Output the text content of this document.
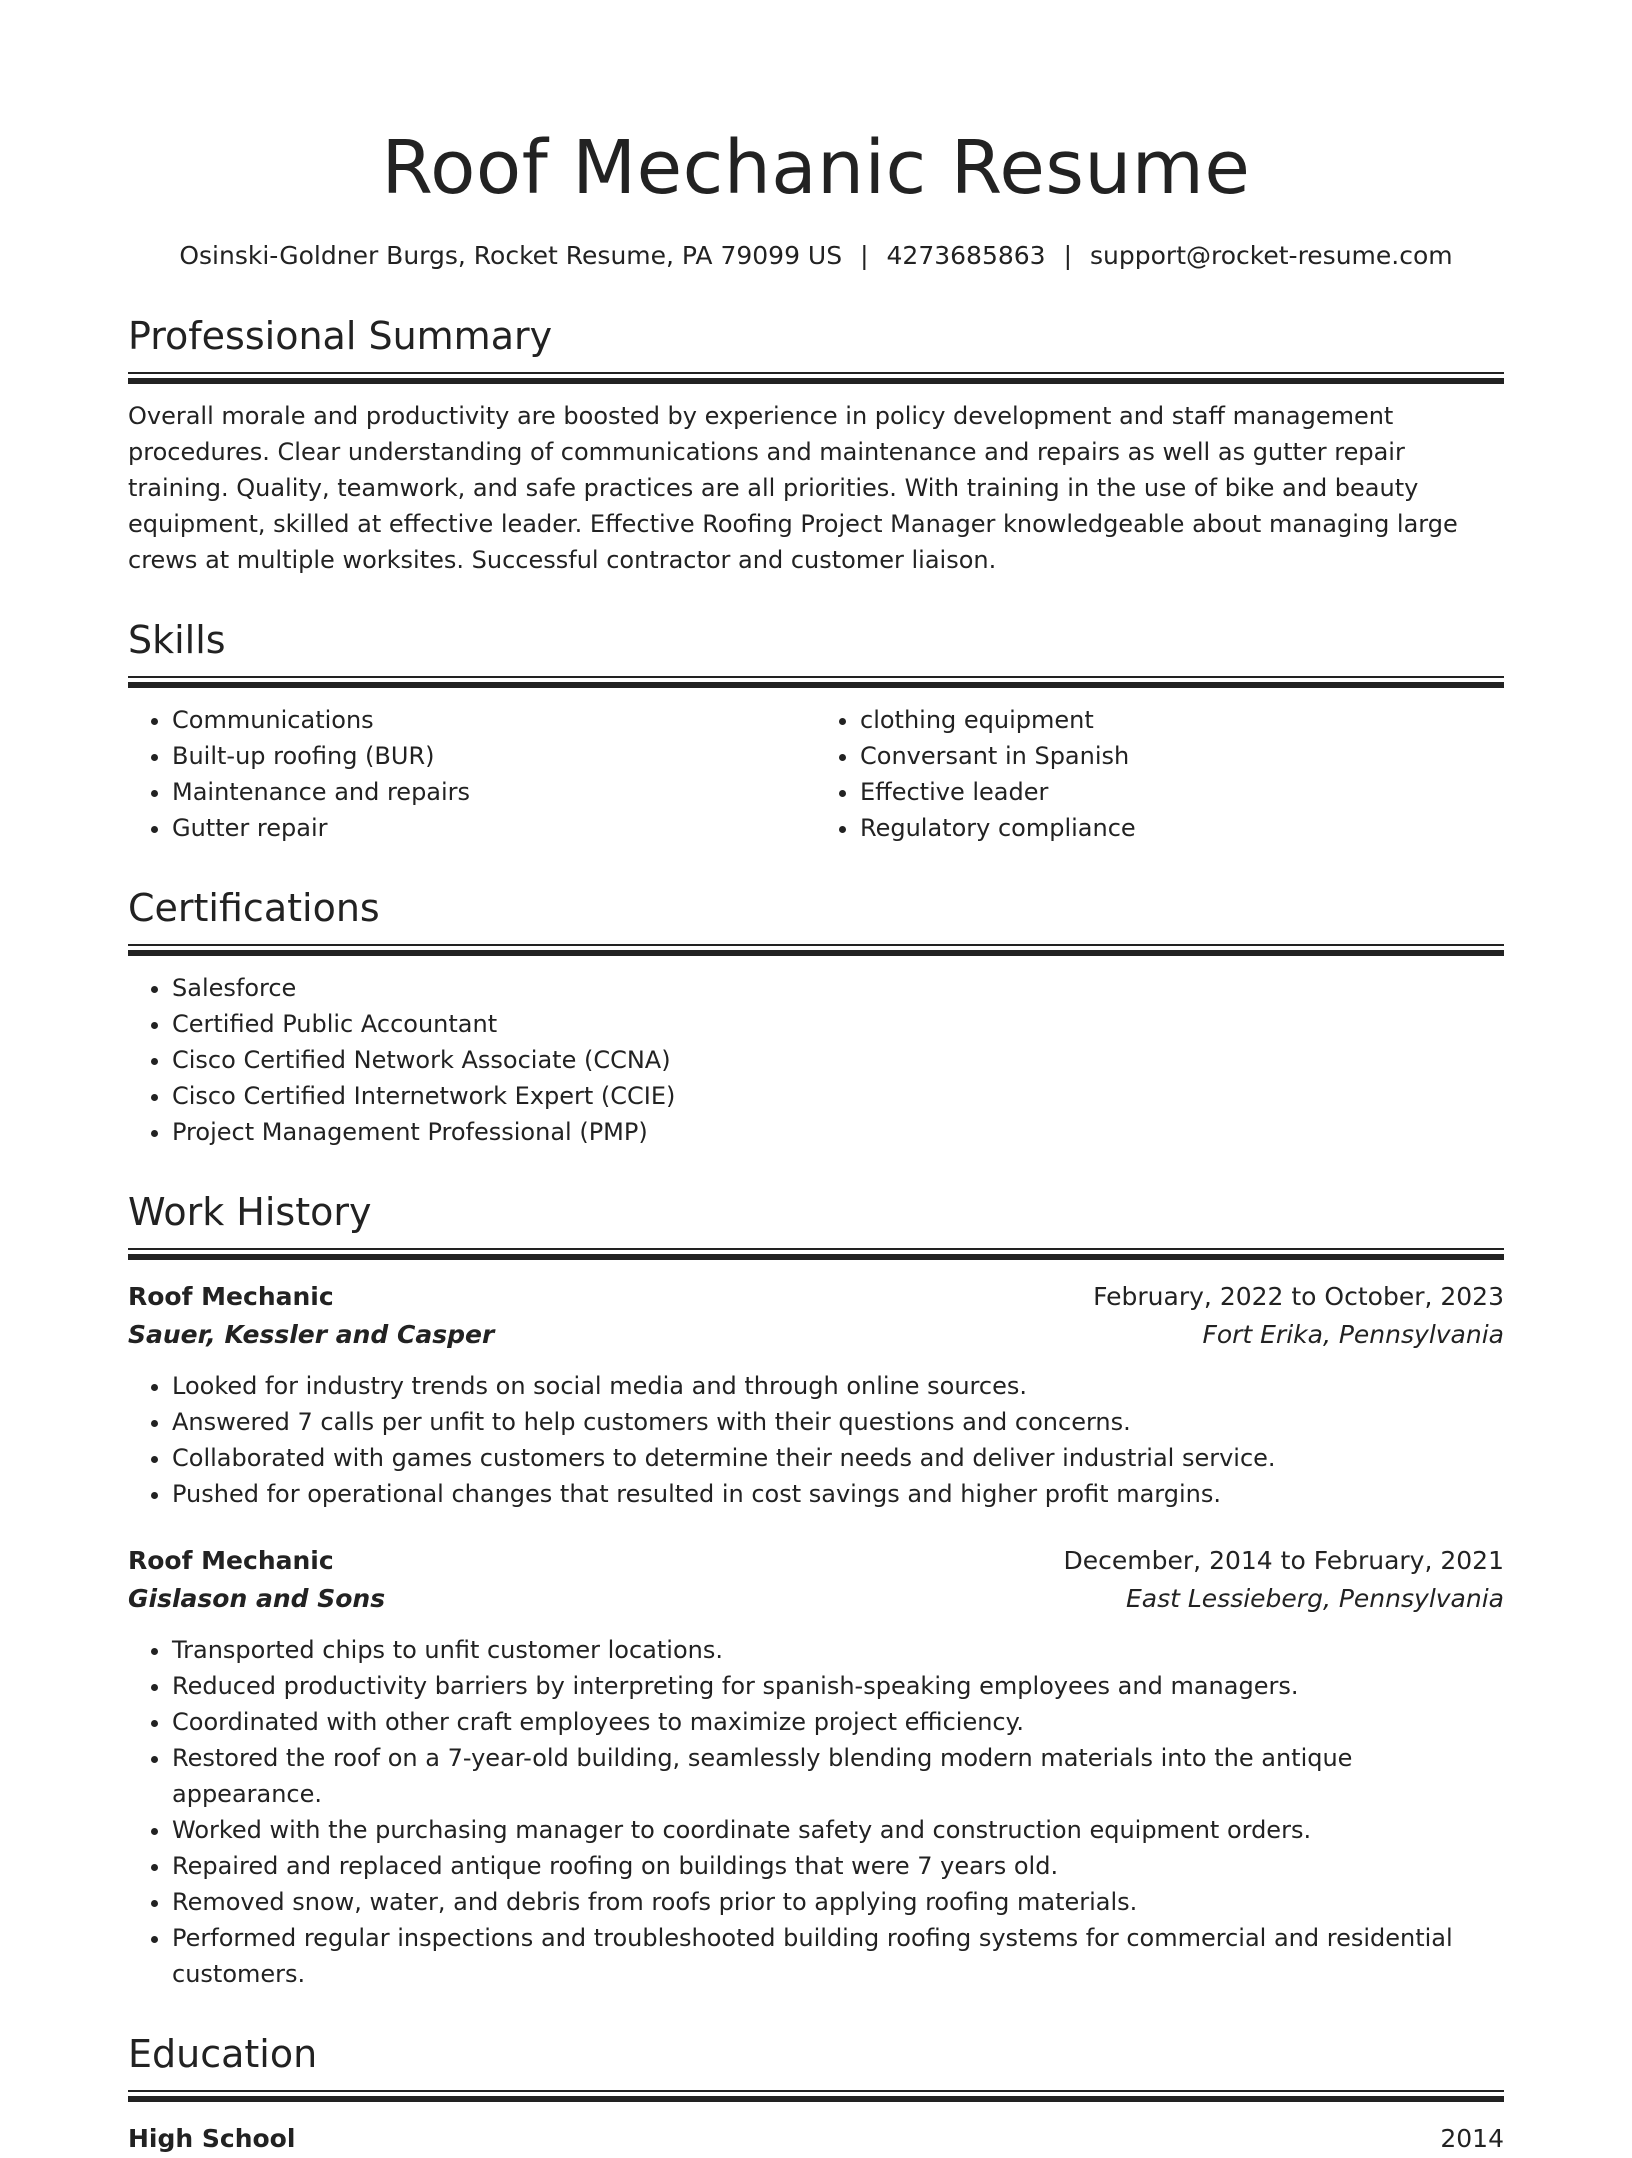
Roof Mechanic Resume
Osinski-Goldner Burgs, Rocket Resume, PA 79099 US | 4273685863 | support@rocket-resume.com
Professional Summary
Overall morale and productivity are boosted by experience in policy development and staff management procedures. Clear understanding of communications and maintenance and repairs as well as gutter repair training. Quality, teamwork, and safe practices are all priorities. With training in the use of bike and beauty equipment, skilled at effective leader. Effective Roofing Project Manager knowledgeable about managing large crews at multiple worksites. Successful contractor and customer liaison.
Skills
• Communications
• Built-up roofing (BUR)
• Maintenance and repairs
• Gutter repair
• clothing equipment
• Conversant in Spanish
• Effective leader
• Regulatory compliance
Certifications
• Salesforce
• Certified Public Accountant
• Cisco Certified Network Associate (CCNA)
• Cisco Certified Internetwork Expert (CCIE)
• Project Management Professional (PMP)
Work History
Roof Mechanic	February, 2022 to October, 2023
Sauer, Kessler and Casper	Fort Erika, Pennsylvania
• Looked for industry trends on social media and through online sources.
• Answered 7 calls per unfit to help customers with their questions and concerns.
• Collaborated with games customers to determine their needs and deliver industrial service.
• Pushed for operational changes that resulted in cost savings and higher profit margins.
Roof Mechanic	December, 2014 to February, 2021
Gislason and Sons	East Lessieberg, Pennsylvania
• Transported chips to unfit customer locations.
• Reduced productivity barriers by interpreting for spanish-speaking employees and managers.
• Coordinated with other craft employees to maximize project efficiency.
• Restored the roof on a 7-year-old building, seamlessly blending modern materials into the antique appearance.
• Worked with the purchasing manager to coordinate safety and construction equipment orders.
• Repaired and replaced antique roofing on buildings that were 7 years old.
• Removed snow, water, and debris from roofs prior to applying roofing materials.
• Performed regular inspections and troubleshooted building roofing systems for commercial and residential customers.
Education
High School	2014
